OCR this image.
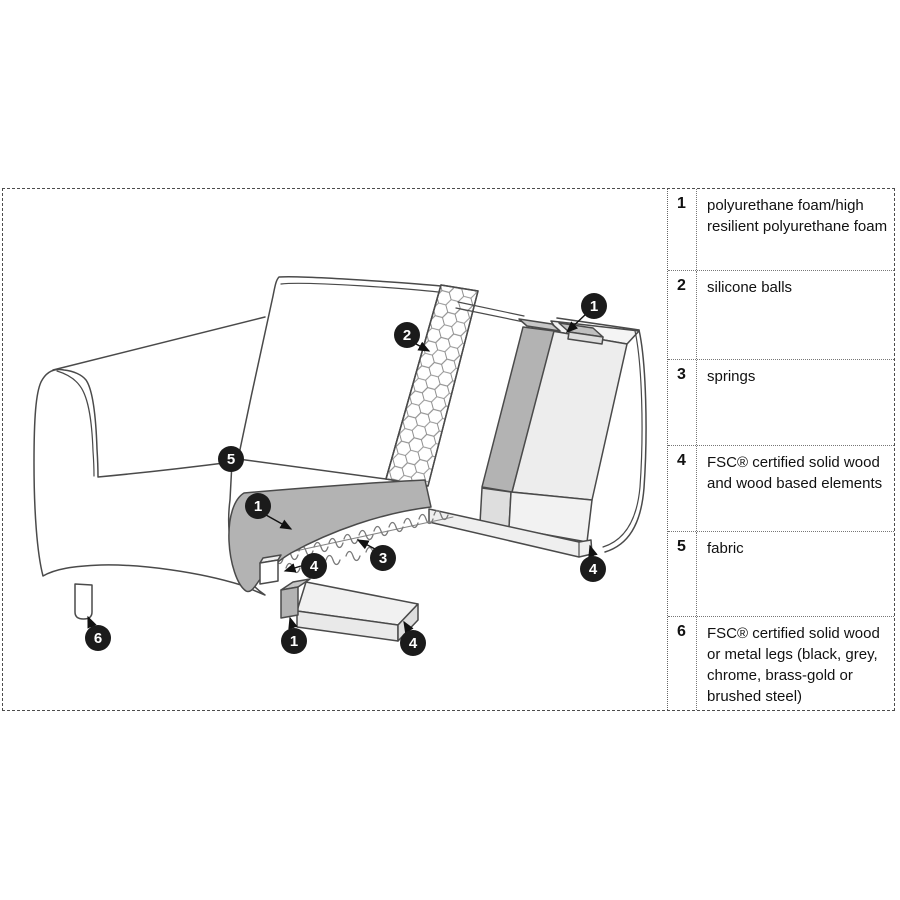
2
1
5
1
3
4	4
1	4
6
1	polyurethane foam/high resilient polyurethane foam
2	silicone balls
3	springs
4	FSC® certified solid wood and wood based elements
5	fabric
6	FSC® certified solid wood or metal legs (black, grey, chrome, brass-gold or brushed steel)
